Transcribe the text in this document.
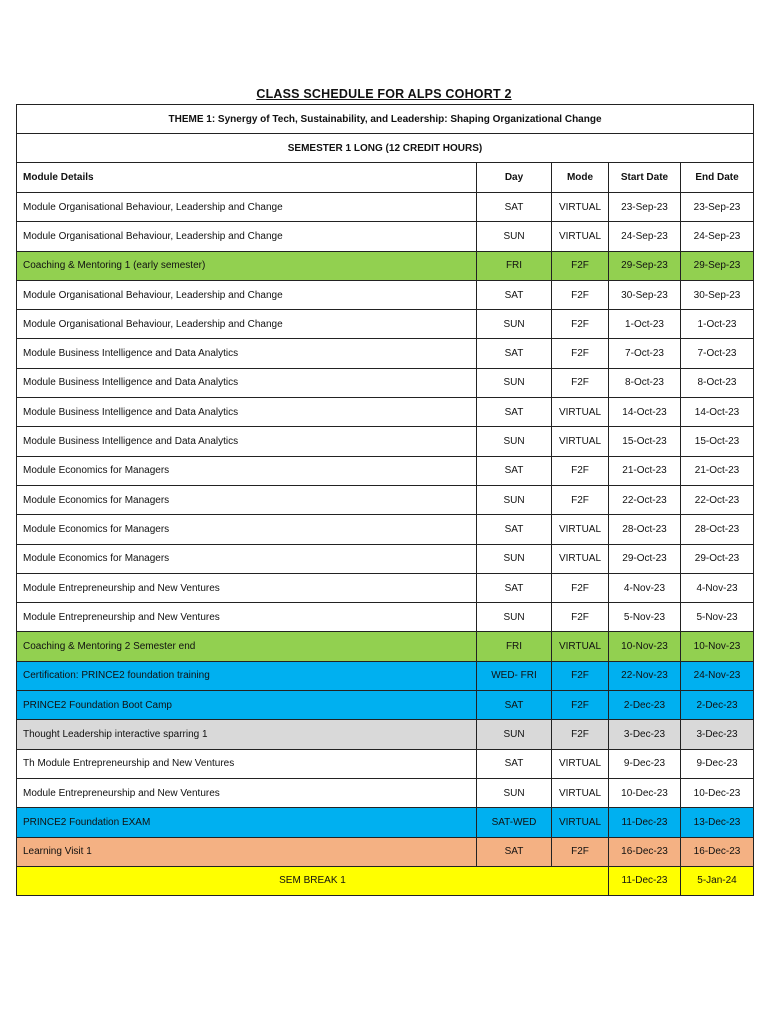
CLASS SCHEDULE FOR ALPS COHORT 2
THEME 1: Synergy of Tech, Sustainability, and Leadership: Shaping Organizational Change				
SEMESTER 1 LONG (12 CREDIT HOURS)				
Module Details	Day	Mode	Start Date	End Date
Module Organisational Behaviour, Leadership and Change	SAT	VIRTUAL	23-Sep-23	23-Sep-23
Module Organisational Behaviour, Leadership and Change	SUN	VIRTUAL	24-Sep-23	24-Sep-23
Coaching & Mentoring 1 (early semester)	FRI	F2F	29-Sep-23	29-Sep-23
Module Organisational Behaviour, Leadership and Change	SAT	F2F	30-Sep-23	30-Sep-23
Module Organisational Behaviour, Leadership and Change	SUN	F2F	1-Oct-23	1-Oct-23
Module Business Intelligence and Data Analytics	SAT	F2F	7-Oct-23	7-Oct-23
Module Business Intelligence and Data Analytics	SUN	F2F	8-Oct-23	8-Oct-23
Module Business Intelligence and Data Analytics	SAT	VIRTUAL	14-Oct-23	14-Oct-23
Module Business Intelligence and Data Analytics	SUN	VIRTUAL	15-Oct-23	15-Oct-23
Module Economics for Managers	SAT	F2F	21-Oct-23	21-Oct-23
Module Economics for Managers	SUN	F2F	22-Oct-23	22-Oct-23
Module Economics for Managers	SAT	VIRTUAL	28-Oct-23	28-Oct-23
Module Economics for Managers	SUN	VIRTUAL	29-Oct-23	29-Oct-23
Module Entrepreneurship and New Ventures	SAT	F2F	4-Nov-23	4-Nov-23
Module Entrepreneurship and New Ventures	SUN	F2F	5-Nov-23	5-Nov-23
Coaching & Mentoring 2 Semester end	FRI	VIRTUAL	10-Nov-23	10-Nov-23
Certification: PRINCE2 foundation training	WED- FRI	F2F	22-Nov-23	24-Nov-23
PRINCE2 Foundation Boot Camp	SAT	F2F	2-Dec-23	2-Dec-23
Thought Leadership interactive sparring 1	SUN	F2F	3-Dec-23	3-Dec-23
Th Module Entrepreneurship and New Ventures	SAT	VIRTUAL	9-Dec-23	9-Dec-23
Module Entrepreneurship and New Ventures	SUN	VIRTUAL	10-Dec-23	10-Dec-23
PRINCE2 Foundation EXAM	SAT-WED	VIRTUAL	11-Dec-23	13-Dec-23
Learning Visit 1	SAT	F2F	16-Dec-23	16-Dec-23
SEM BREAK 1			11-Dec-23	5-Jan-24
